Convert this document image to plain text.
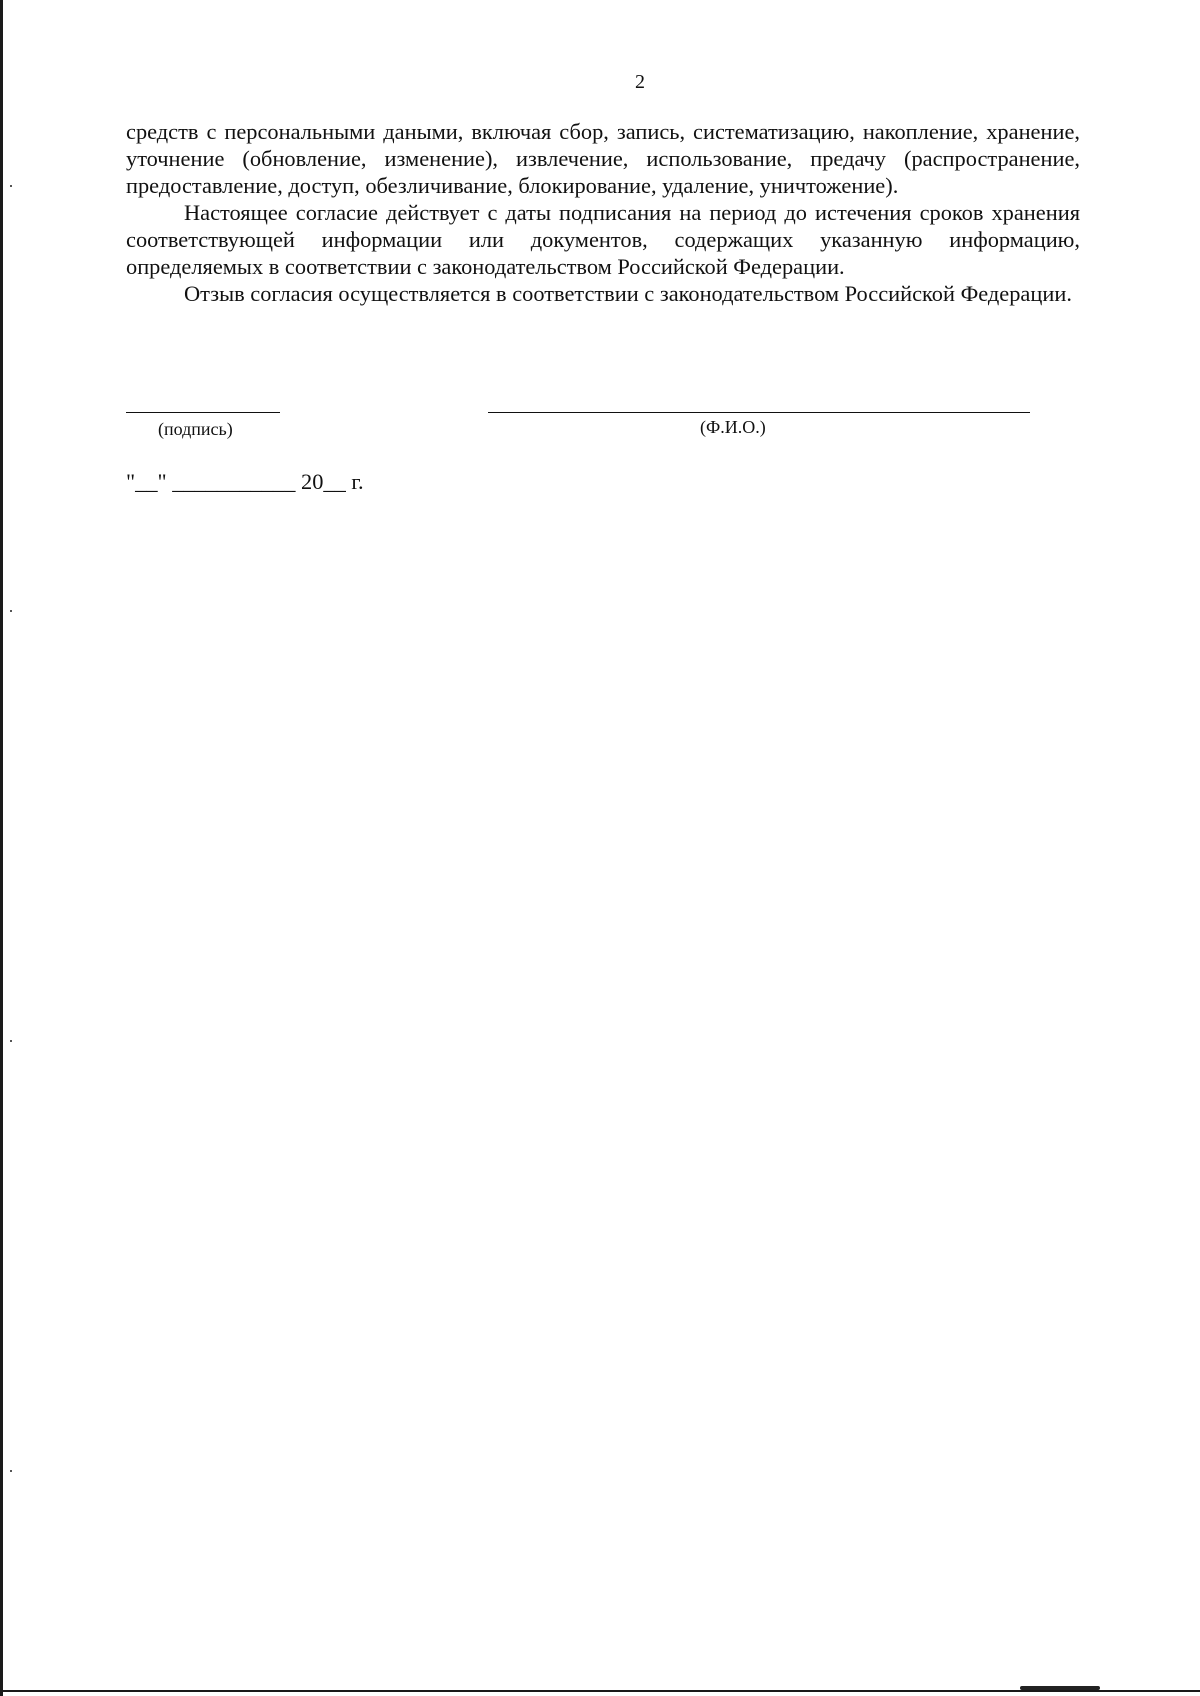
2

средств с персональными даными, включая сбор, запись, систематизацию, накопление, хранение, уточнение (обновление, изменение), извлечение, использование, предачу (распространение, предоставление, доступ, обезличивание, блокирование, удаление, уничтожение).

Настоящее согласие действует с даты подписания на период до истечения сроков хранения соответствующей информации или документов, содержащих указанную информацию, определяемых в соответствии с законодательством Российской Федерации.

Отзыв согласия осуществляется в соответствии с законодательством Российской Федерации.

(подпись)	(Ф.И.О.)
"__" ___________ 20__ г.
